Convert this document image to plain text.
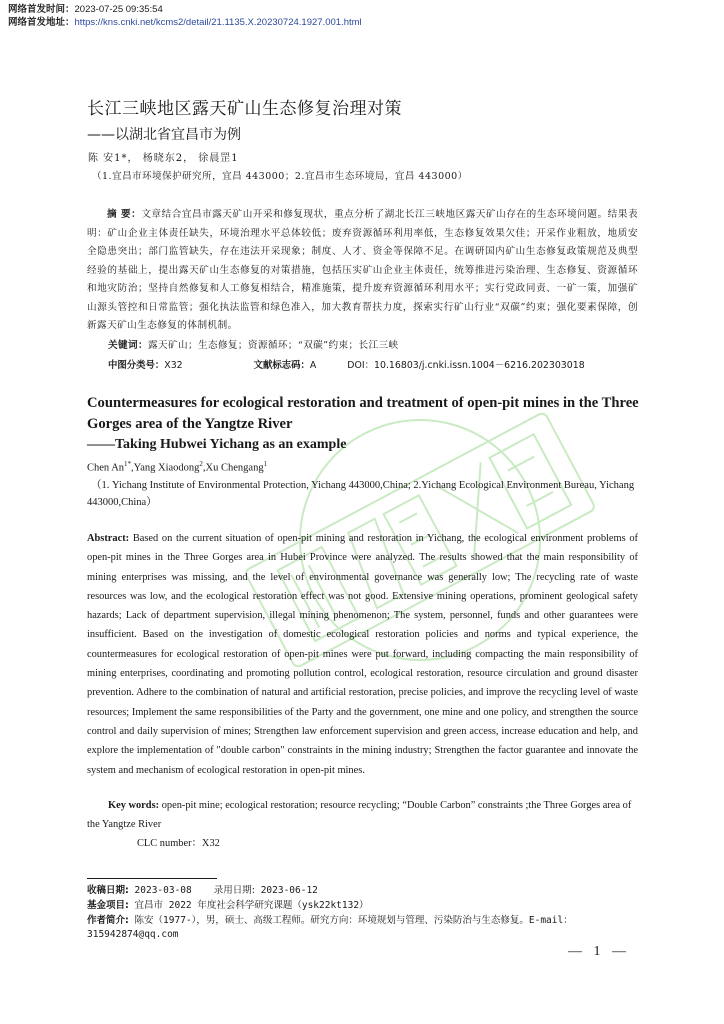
网络首发时间：2023-07-25 09:35:54
网络首发地址：https://kns.cnki.net/kcms2/detail/21.1135.X.20230724.1927.001.html
长江三峡地区露天矿山生态修复治理对策
——以湖北省宜昌市为例
陈 安1*， 杨晓东2， 徐晨罡1
（1.宜昌市环境保护研究所，宜昌 443000；2.宜昌市生态环境局，宜昌 443000）
摘 要：文章结合宜昌市露天矿山开采和修复现状，重点分析了湖北长江三峡地区露天矿山存在的生态环境问题。结果表明：矿山企业主体责任缺失，环境治理水平总体较低；废弃资源循环利用率低，生态修复效果欠佳；开采作业粗放，地质安全隐患突出；部门监管缺失，存在违法开采现象；制度、人才、资金等保障不足。在调研国内矿山生态修复政策规范及典型经验的基础上，提出露天矿山生态修复的对策措施，包括压实矿山企业主体责任，统筹推进污染治理、生态修复、资源循环和地灾防治；坚持自然修复和人工修复相结合，精准施策，提升废弃资源循环利用水平；实行党政同责、一矿一策，加强矿山源头管控和日常监管；强化执法监管和绿色准入，加大教育帮扶力度，探索实行矿山行业“双碳”约束；强化要素保障，创新露天矿山生态修复的体制机制。
关键词：露天矿山；生态修复；资源循环；“双碳”约束；长江三峡
中图分类号：X32	文献标志码：A	DOI：10.16803/j.cnki.issn.1004－6216.202303018
Countermeasures for ecological restoration and treatment of open-pit mines in the Three Gorges area of the Yangtze River
——Taking Hubwei Yichang as an example
Chen $An^{1*},Yang$ Xiaodong$^2$,Xu Chengang$^1$
（1. Yichang Institute of Environmental Protection, Yichang 443000,China; 2.Yichang Ecological Environment Bureau, Yichang 443000,China）
Abstract: Based on the current situation of open-pit mining and restoration in Yichang, the ecological environment problems of open-pit mines in the Three Gorges area in Hubei Province were analyzed. The results showed that the main responsibility of mining enterprises was missing, and the level of environmental governance was generally low; The recycling rate of waste resources was low, and the ecological restoration effect was not good. Extensive mining operations, prominent geological safety hazards; Lack of department supervision, illegal mining phenomenon; The system, personnel, funds and other guarantees were insufficient. Based on the investigation of domestic ecological restoration policies and norms and typical experience, the countermeasures for ecological restoration of open-pit mines were put forward, including compacting the main responsibility of mining enterprises, coordinating and promoting pollution control, ecological restoration, resource circulation and ground disaster prevention. Adhere to the combination of natural and artificial restoration, precise policies, and improve the recycling level of waste resources; Implement the same responsibilities of the Party and the government, one mine and one policy, and strengthen the source control and daily supervision of mines; Strengthen law enforcement supervision and green access, increase education and help, and explore the implementation of "double carbon" constraints in the mining industry; Strengthen the factor guarantee and innovate the system and mechanism of ecological restoration in open-pit mines.
Key words: open-pit mine; ecological restoration; resource recycling; “Double Carbon” constraints ;the Three Gorges area of the Yangtze River
CLC number：X32
收稿日期: 2023-03-08 录用日期: 2023-06-12
基金项目: 宜昌市 2022 年度社会科学研究课题（ysk22kt132）
作者简介: 陈安（1977-），男，硕士、高级工程师。研究方向：环境规划与管理、污染防治与生态修复。E-mail：315942874@qq.com
— 1 —
